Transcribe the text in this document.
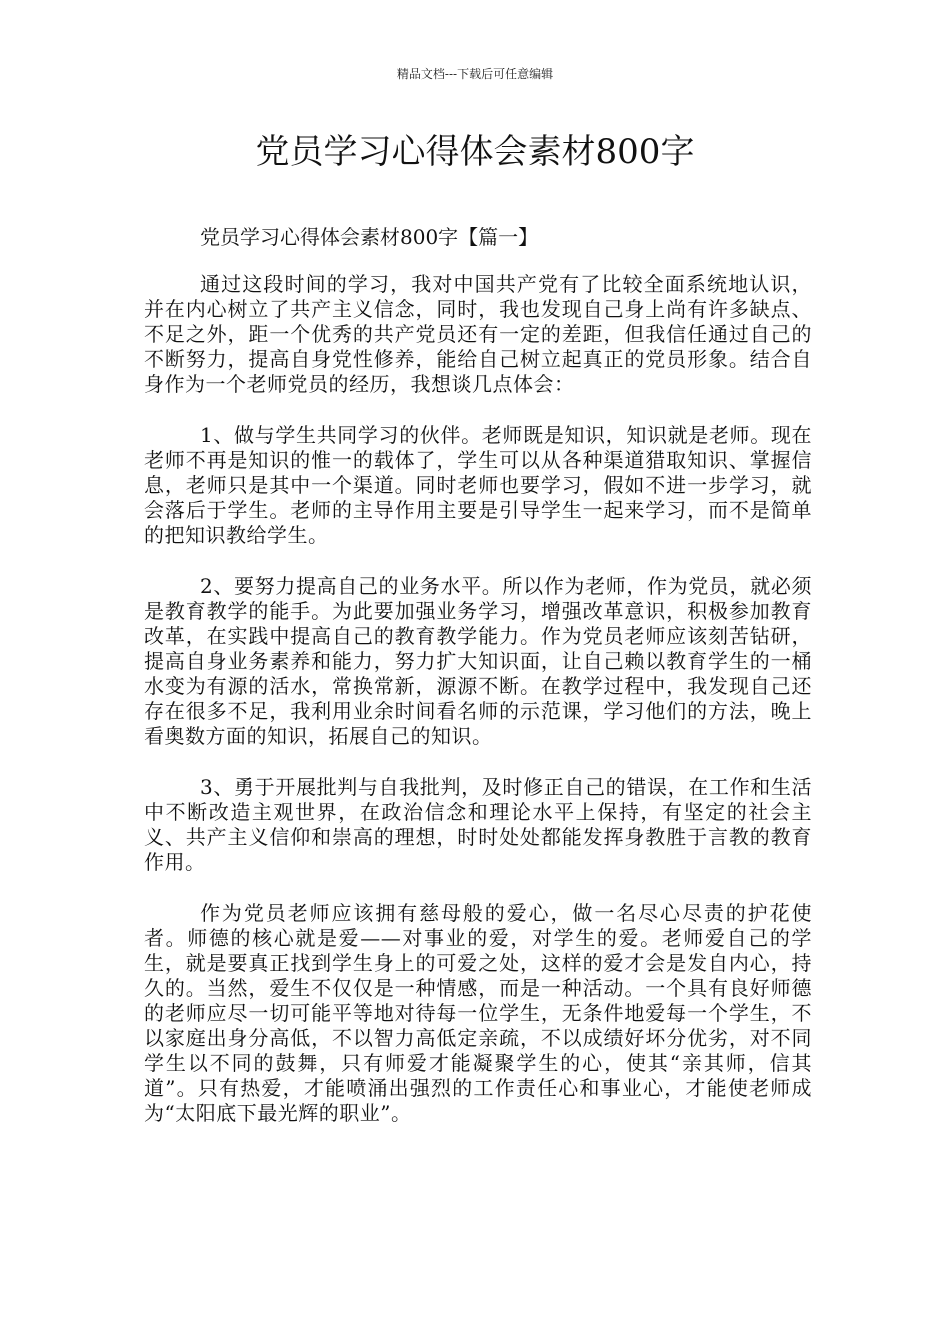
精品文档---下载后可任意编辑
党员学习心得体会素材800字
党员学习心得体会素材800字【篇一】

通过这段时间的学习，我对中国共产党有了比较全面系统地认识，并在内心树立了共产主义信念，同时，我也发现自己身上尚有许多缺点、不足之外，距一个优秀的共产党员还有一定的差距，但我信任通过自己的不断努力，提高自身党性修养，能给自己树立起真正的党员形象。结合自身作为一个老师党员的经历，我想谈几点体会：

1、做与学生共同学习的伙伴。老师既是知识，知识就是老师。现在老师不再是知识的惟一的载体了，学生可以从各种渠道猎取知识、掌握信息，老师只是其中一个渠道。同时老师也要学习，假如不进一步学习，就会落后于学生。老师的主导作用主要是引导学生一起来学习，而不是简单的把知识教给学生。

2、要努力提高自己的业务水平。所以作为老师，作为党员，就必须是教育教学的能手。为此要加强业务学习，增强改革意识，积极参加教育改革，在实践中提高自己的教育教学能力。作为党员老师应该刻苦钻研，提高自身业务素养和能力，努力扩大知识面，让自己赖以教育学生的一桶水变为有源的活水，常换常新，源源不断。在教学过程中，我发现自己还存在很多不足，我利用业余时间看名师的示范课，学习他们的方法，晚上看奥数方面的知识，拓展自己的知识。

3、勇于开展批判与自我批判，及时修正自己的错误，在工作和生活中不断改造主观世界，在政治信念和理论水平上保持，有坚定的社会主义、共产主义信仰和崇高的理想，时时处处都能发挥身教胜于言教的教育作用。

作为党员老师应该拥有慈母般的爱心，做一名尽心尽责的护花使者。师德的核心就是爱——对事业的爱，对学生的爱。老师爱自己的学生，就是要真正找到学生身上的可爱之处，这样的爱才会是发自内心，持久的。当然，爱生不仅仅是一种情感，而是一种活动。一个具有良好师德的老师应尽一切可能平等地对待每一位学生，无条件地爱每一个学生，不以家庭出身分高低，不以智力高低定亲疏，不以成绩好坏分优劣，对不同学生以不同的鼓舞，只有师爱才能凝聚学生的心，使其“亲其师，信其道”。只有热爱，才能喷涌出强烈的工作责任心和事业心，才能使老师成为“太阳底下最光辉的职业”。
